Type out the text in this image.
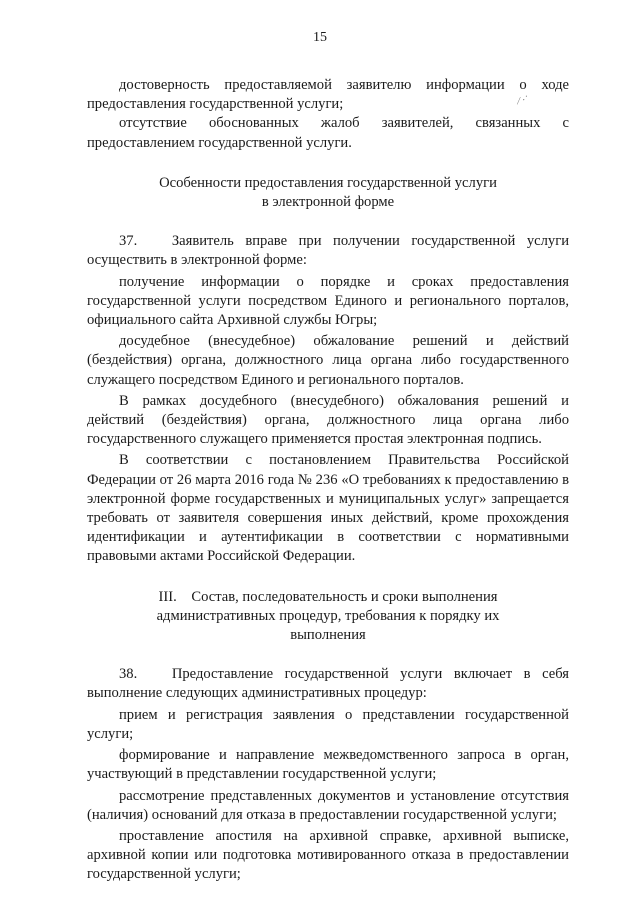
15
⁄ ·˙

достоверность предоставляемой заявителю информации о ходе предоставления государственной услуги;

отсутствие обоснованных жалоб заявителей, связанных с предоставлением государственной услуги.

Особенности предоставления государственной услуги
в электронной форме

37.   Заявитель вправе при получении государственной услуги осуществить в электронной форме:

получение информации о порядке и сроках предоставления государственной услуги посредством Единого и регионального порталов, официального сайта Архивной службы Югры;

досудебное (внесудебное) обжалование решений и действий (бездействия) органа, должностного лица органа либо государственного служащего посредством Единого и регионального порталов.

В рамках досудебного (внесудебного) обжалования решений и действий (бездействия) органа, должностного лица органа либо государственного служащего применяется простая электронная подпись.

В соответствии с постановлением Правительства Российской Федерации от 26 марта 2016 года № 236 «О требованиях к предоставлению в электронной форме государственных и муниципальных услуг» запрещается требовать от заявителя совершения иных действий, кроме прохождения идентификации и аутентификации в соответствии с нормативными правовыми актами Российской Федерации.

III.    Состав, последовательность и сроки выполнения
административных процедур, требования к порядку их
выполнения

38.   Предоставление государственной услуги включает в себя выполнение следующих административных процедур:

прием и регистрация заявления о представлении государственной услуги;

формирование и направление межведомственного запроса в орган, участвующий в представлении государственной услуги;

рассмотрение представленных документов и установление отсутствия (наличия) оснований для отказа в предоставлении государственной услуги;

проставление апостиля на архивной справке, архивной выписке, архивной копии или подготовка мотивированного отказа в предоставлении государственной услуги;
